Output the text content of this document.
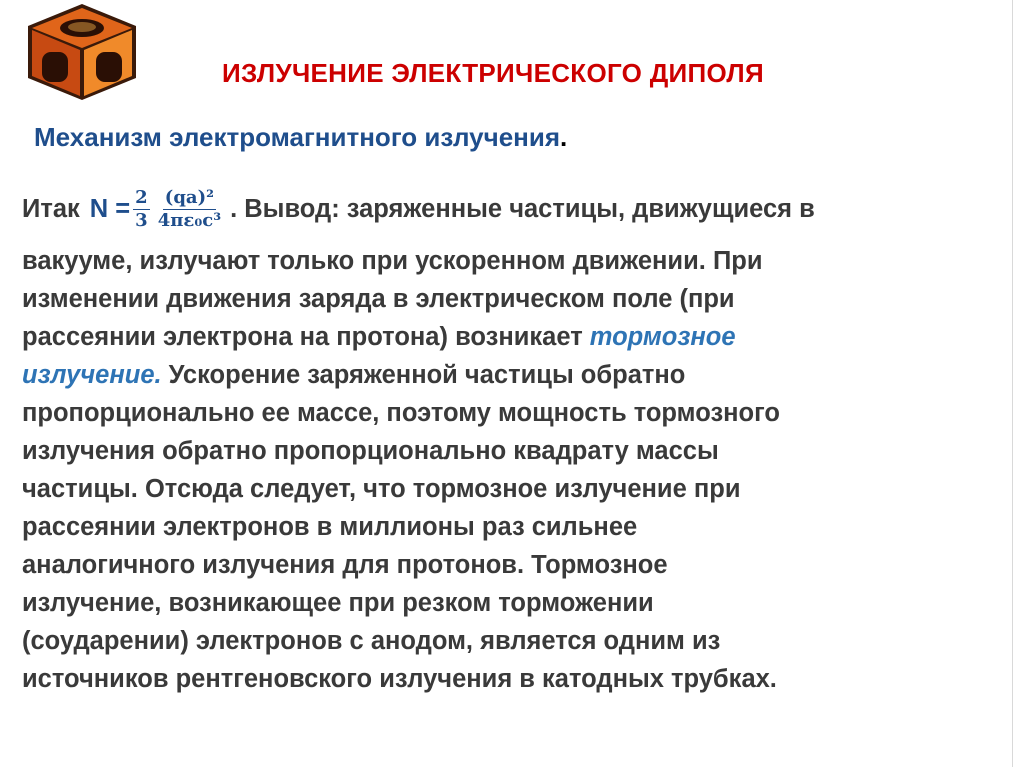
ИЗЛУЧЕНИЕ ЭЛЕКТРИЧЕСКОГО ДИПОЛЯ
Механизм электромагнитного излучения.

Итак $N = \frac{2}{3} \frac{\text{(qa)²}}{\text{4πε₀c³}}$ . Вывод: заряженные частицы, движущиеся в

вакууме, излучают только при ускоренном движении. При

изменении движения заряда в электрическом поле (при

рассеянии электрона на протона) возникает тормозное

излучение. Ускорение заряженной частицы обратно

пропорционально ее массе, поэтому мощность тормозного

излучения обратно пропорционально квадрату массы

частицы. Отсюда следует, что тормозное излучение при

рассеянии электронов в миллионы раз сильнее

аналогичного излучения для протонов. Тормозное

излучение, возникающее при резком торможении

(соударении) электронов с анодом, является одним из

источников рентгеновского излучения в катодных трубках.
